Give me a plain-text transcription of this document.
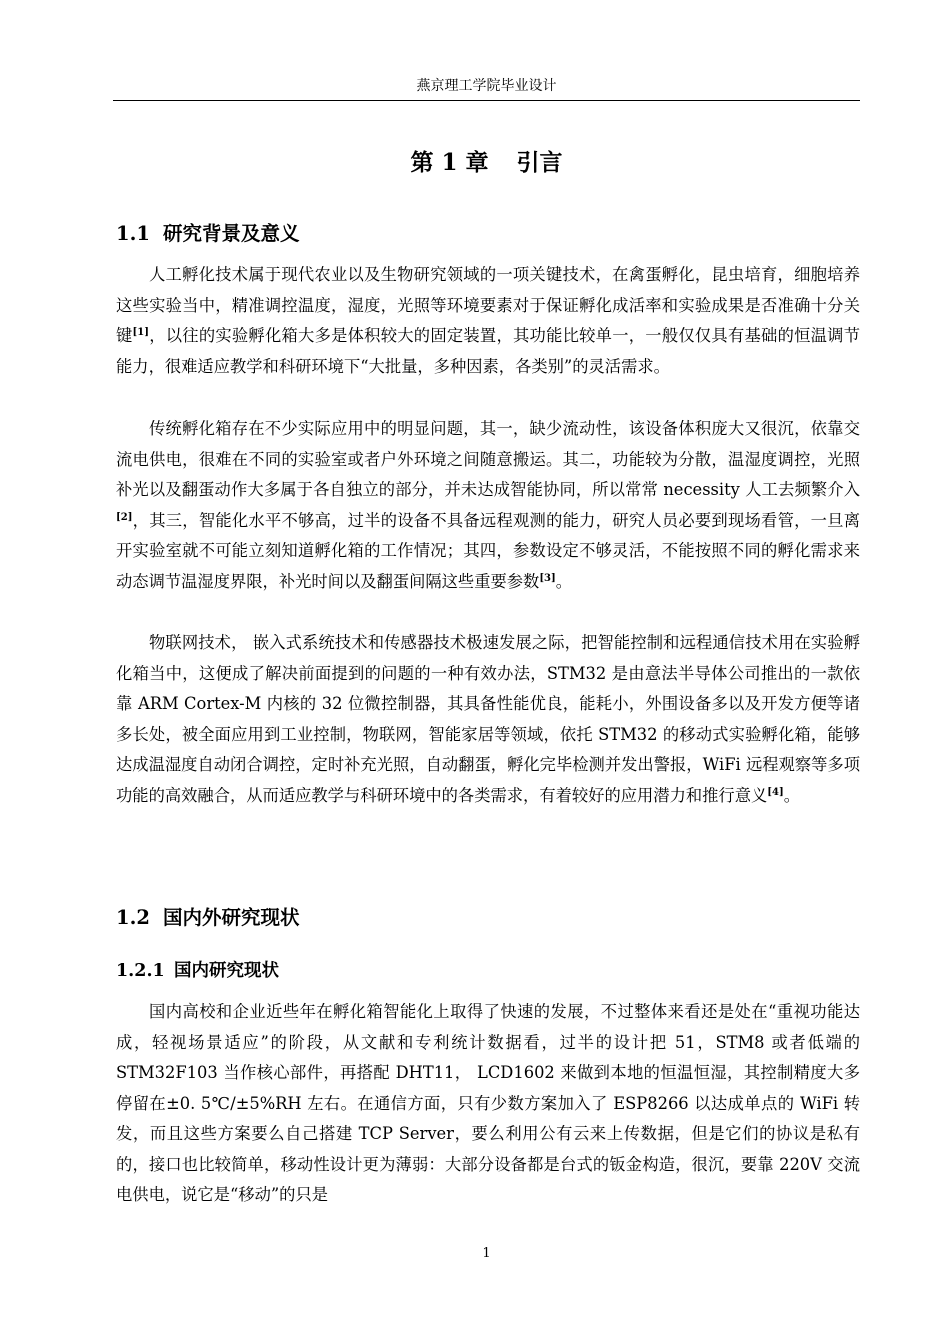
燕京理工学院毕业设计
第 1 章 引言
1.1 研究背景及意义

人工孵化技术属于现代农业以及生物研究领域的一项关键技术，在禽蛋孵化，昆虫培育，细胞培养这些实验当中，精准调控温度，湿度，光照等环境要素对于保证孵化成活率和实验成果是否准确十分关键[1]，以往的实验孵化箱大多是体积较大的固定装置，其功能比较单一，一般仅仅具有基础的恒温调节能力，很难适应教学和科研环境下“大批量，多种因素，各类别”的灵活需求。

传统孵化箱存在不少实际应用中的明显问题，其一，缺少流动性，该设备体积庞大又很沉，依靠交流电供电，很难在不同的实验室或者户外环境之间随意搬运。其二，功能较为分散，温湿度调控，光照补光以及翻蛋动作大多属于各自独立的部分，并未达成智能协同，所以常常 necessity 人工去频繁介入[2]，其三，智能化水平不够高，过半的设备不具备远程观测的能力，研究人员必要到现场看管，一旦离开实验室就不可能立刻知道孵化箱的工作情况；其四，参数设定不够灵活，不能按照不同的孵化需求来动态调节温湿度界限，补光时间以及翻蛋间隔这些重要参数[3]。

物联网技术， 嵌入式系统技术和传感器技术极速发展之际，把智能控制和远程通信技术用在实验孵化箱当中，这便成了解决前面提到的问题的一种有效办法，STM32 是由意法半导体公司推出的一款依靠 ARM Cortex-M 内核的 32 位微控制器，其具备性能优良，能耗小，外围设备多以及开发方便等诸多长处，被全面应用到工业控制，物联网，智能家居等领域，依托 STM32 的移动式实验孵化箱，能够达成温湿度自动闭合调控，定时补充光照，自动翻蛋，孵化完毕检测并发出警报，WiFi 远程观察等多项功能的高效融合，从而适应教学与科研环境中的各类需求，有着较好的应用潜力和推行意义[4]。

1.2 国内外研究现状
1.2.1 国内研究现状

国内高校和企业近些年在孵化箱智能化上取得了快速的发展，不过整体来看还是处在“重视功能达成，轻视场景适应”的阶段，从文献和专利统计数据看，过半的设计把 51，STM8 或者低端的 STM32F103 当作核心部件，再搭配 DHT11， LCD1602 来做到本地的恒温恒湿，其控制精度大多停留在±0. 5℃/±5%RH 左右。在通信方面，只有少数方案加入了 ESP8266 以达成单点的 WiFi 转发，而且这些方案要么自己搭建 TCP Server，要么利用公有云来上传数据，但是它们的协议是私有的，接口也比较简单，移动性设计更为薄弱：大部分设备都是台式的钣金构造，很沉，要靠 220V 交流电供电，说它是“移动”的只是

1
